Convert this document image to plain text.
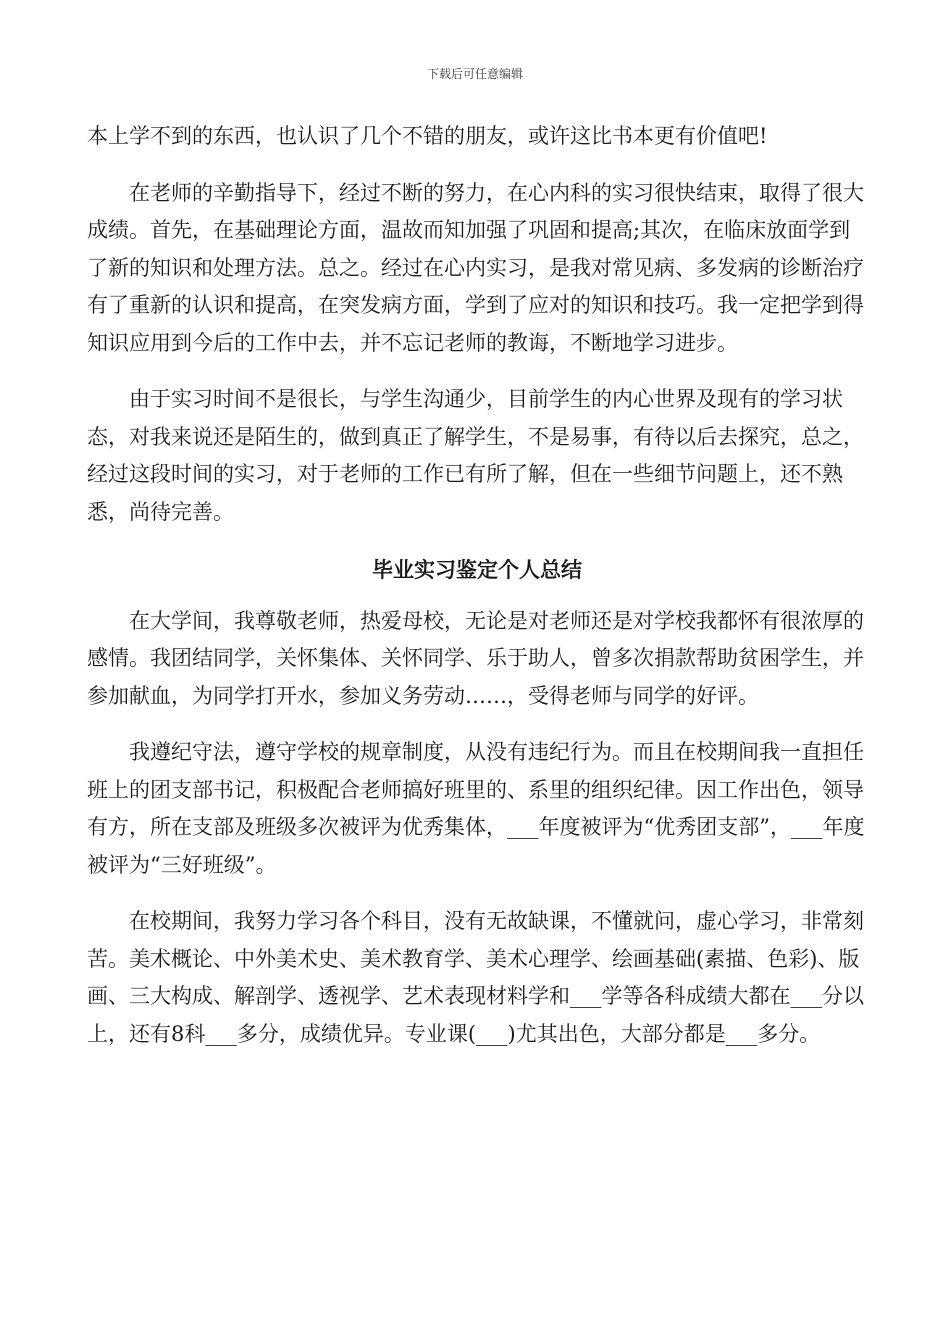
下载后可任意编辑

本上学不到的东西，也认识了几个不错的朋友，或许这比书本更有价值吧!

在老师的辛勤指导下，经过不断的努力，在心内科的实习很快结束，取得了很大成绩。首先，在基础理论方面，温故而知加强了巩固和提高;其次，在临床放面学到了新的知识和处理方法。总之。经过在心内实习，是我对常见病、多发病的诊断治疗有了重新的认识和提高，在突发病方面，学到了应对的知识和技巧。我一定把学到得知识应用到今后的工作中去，并不忘记老师的教诲，不断地学习进步。

由于实习时间不是很长，与学生沟通少，目前学生的内心世界及现有的学习状态，对我来说还是陌生的，做到真正了解学生，不是易事，有待以后去探究，总之，经过这段时间的实习，对于老师的工作已有所了解，但在一些细节问题上，还不熟悉，尚待完善。

毕业实习鉴定个人总结

在大学间，我尊敬老师，热爱母校，无论是对老师还是对学校我都怀有很浓厚的感情。我团结同学，关怀集体、关怀同学、乐于助人，曾多次捐款帮助贫困学生，并参加献血，为同学打开水，参加义务劳动……，受得老师与同学的好评。

我遵纪守法，遵守学校的规章制度，从没有违纪行为。而且在校期间我一直担任班上的团支部书记，积极配合老师搞好班里的、系里的组织纪律。因工作出色，领导有方，所在支部及班级多次被评为优秀集体，___年度被评为“优秀团支部”，___年度被评为“三好班级”。

在校期间，我努力学习各个科目，没有无故缺课，不懂就问，虚心学习，非常刻苦。美术概论、中外美术史、美术教育学、美术心理学、绘画基础(素描、色彩)、版画、三大构成、解剖学、透视学、艺术表现材料学和___学等各科成绩大都在___分以上，还有8科___多分，成绩优异。专业课(___)尤其出色，大部分都是___多分。
